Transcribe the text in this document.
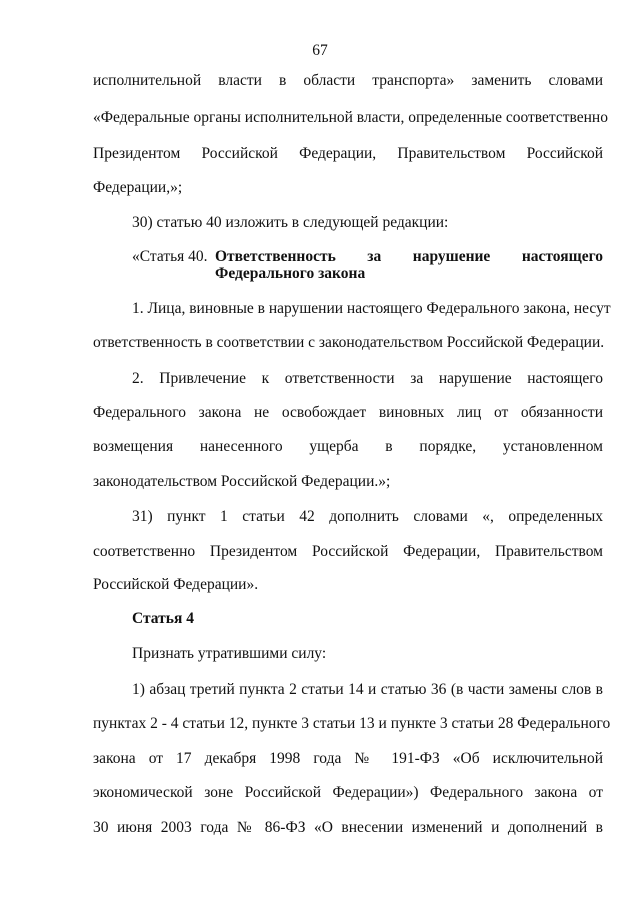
67
исполнительной власти в области транспорта» заменить словами
«Федеральные органы исполнительной власти, определенные соответственно
Президентом Российской Федерации, Правительством Российской
Федерации,»;
30) статью 40 изложить в следующей редакции:
«Статья 40. Ответственность за нарушение настоящего
Федерального закона
1. Лица, виновные в нарушении настоящего Федерального закона, несут
ответственность в соответствии с законодательством Российской Федерации.
2. Привлечение к ответственности за нарушение настоящего
Федерального закона не освобождает виновных лиц от обязанности
возмещения нанесенного ущерба в порядке, установленном
законодательством Российской Федерации.»;
31) пункт 1 статьи 42 дополнить словами «, определенных
соответственно Президентом Российской Федерации, Правительством
Российской Федерации».
Статья 4
Признать утратившими силу:
1) абзац третий пункта 2 статьи 14 и статью 36 (в части замены слов в
пунктах 2 - 4 статьи 12, пункте 3 статьи 13 и пункте 3 статьи 28 Федерального
закона от 17 декабря 1998 года № 191-ФЗ «Об исключительной
экономической зоне Российской Федерации») Федерального закона от
30 июня 2003 года № 86-ФЗ «О внесении изменений и дополнений в
